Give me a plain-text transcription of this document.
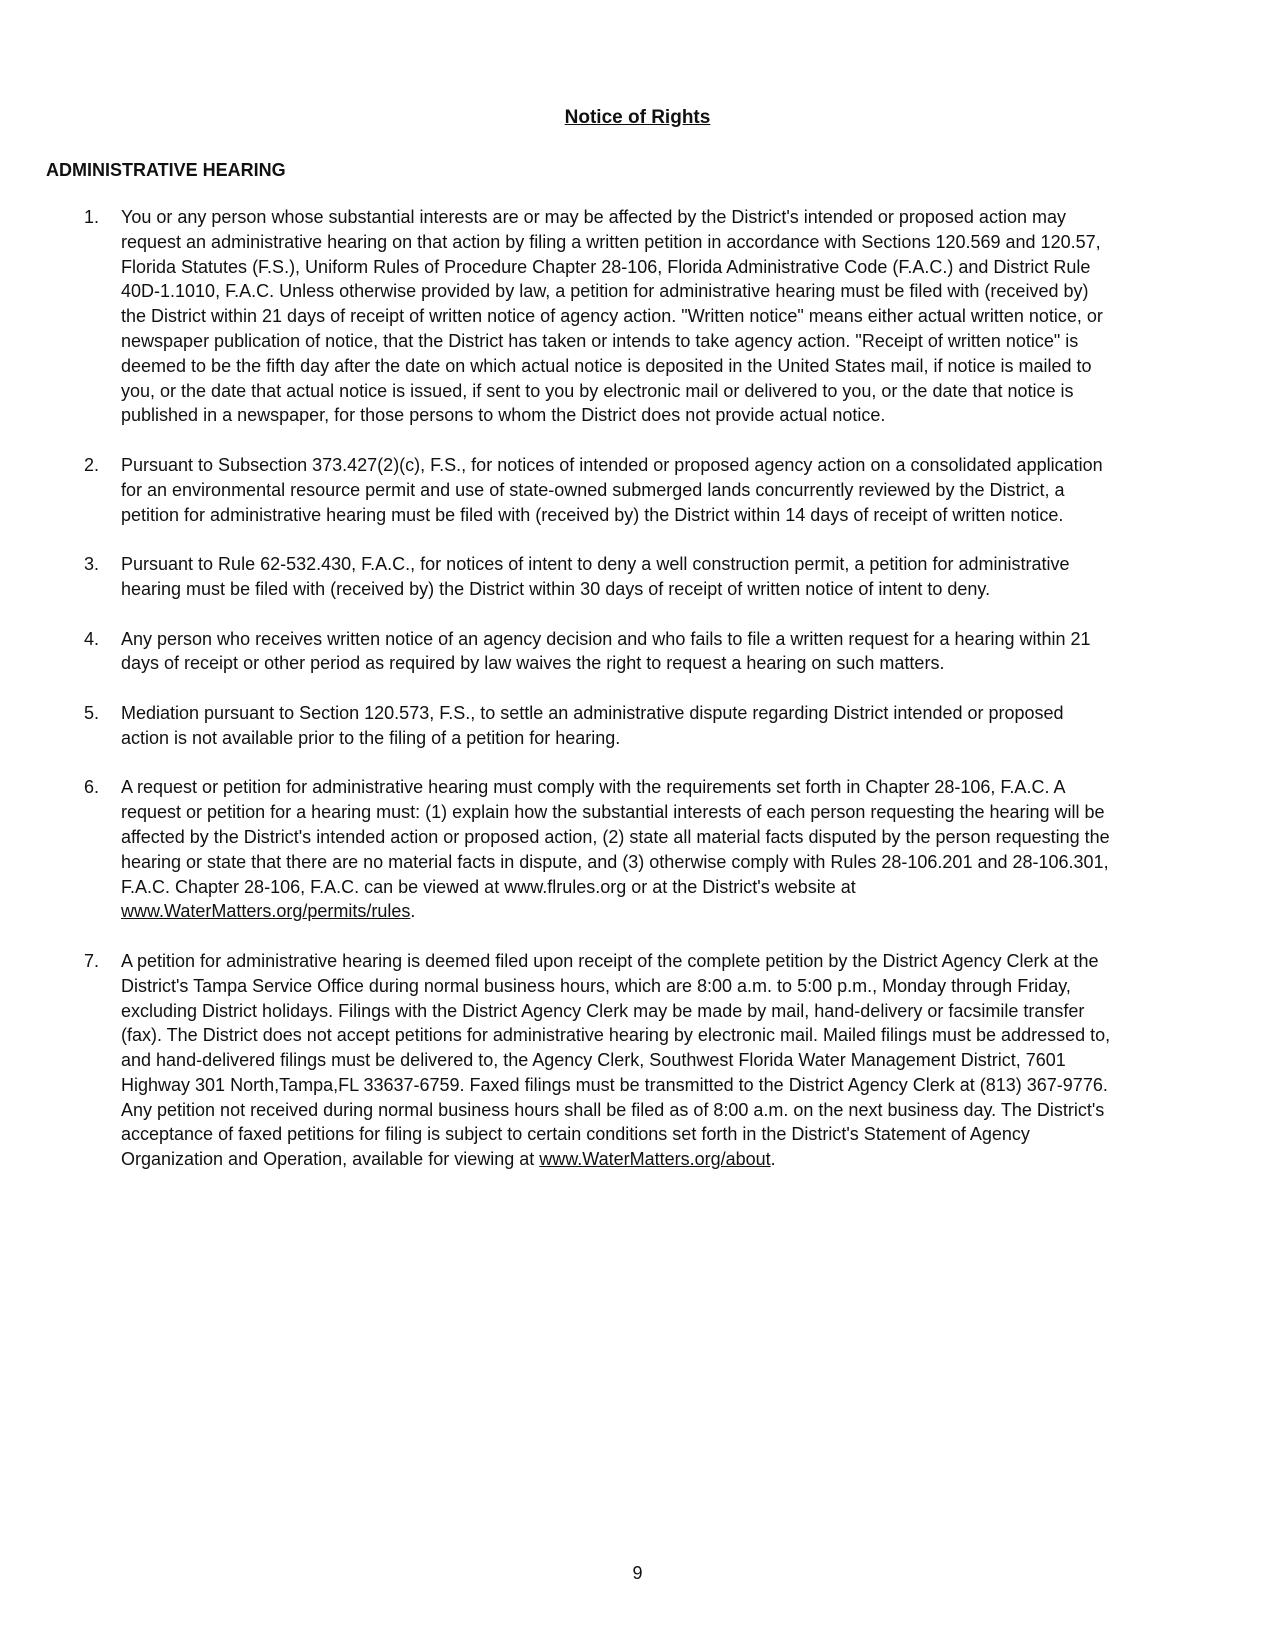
Notice of Rights
ADMINISTRATIVE HEARING
1. You or any person whose substantial interests are or may be affected by the District's intended or proposed action may request an administrative hearing on that action by filing a written petition in accordance with Sections 120.569 and 120.57, Florida Statutes (F.S.), Uniform Rules of Procedure Chapter 28-106, Florida Administrative Code (F.A.C.) and District Rule 40D-1.1010, F.A.C. Unless otherwise provided by law, a petition for administrative hearing must be filed with (received by) the District within 21 days of receipt of written notice of agency action. "Written notice" means either actual written notice, or newspaper publication of notice, that the District has taken or intends to take agency action. "Receipt of written notice" is deemed to be the fifth day after the date on which actual notice is deposited in the United States mail, if notice is mailed to you, or the date that actual notice is issued, if sent to you by electronic mail or delivered to you, or the date that notice is published in a newspaper, for those persons to whom the District does not provide actual notice.
2. Pursuant to Subsection 373.427(2)(c), F.S., for notices of intended or proposed agency action on a consolidated application for an environmental resource permit and use of state-owned submerged lands concurrently reviewed by the District, a petition for administrative hearing must be filed with (received by) the District within 14 days of receipt of written notice.
3. Pursuant to Rule 62-532.430, F.A.C., for notices of intent to deny a well construction permit, a petition for administrative hearing must be filed with (received by) the District within 30 days of receipt of written notice of intent to deny.
4. Any person who receives written notice of an agency decision and who fails to file a written request for a hearing within 21 days of receipt or other period as required by law waives the right to request a hearing on such matters.
5. Mediation pursuant to Section 120.573, F.S., to settle an administrative dispute regarding District intended or proposed action is not available prior to the filing of a petition for hearing.
6. A request or petition for administrative hearing must comply with the requirements set forth in Chapter 28-106, F.A.C. A request or petition for a hearing must: (1) explain how the substantial interests of each person requesting the hearing will be affected by the District's intended action or proposed action, (2) state all material facts disputed by the person requesting the hearing or state that there are no material facts in dispute, and (3) otherwise comply with Rules 28-106.201 and 28-106.301, F.A.C. Chapter 28-106, F.A.C. can be viewed at www.flrules.org or at the District's website at www.WaterMatters.org/permits/rules.
7. A petition for administrative hearing is deemed filed upon receipt of the complete petition by the District Agency Clerk at the District's Tampa Service Office during normal business hours, which are 8:00 a.m. to 5:00 p.m., Monday through Friday, excluding District holidays. Filings with the District Agency Clerk may be made by mail, hand-delivery or facsimile transfer (fax). The District does not accept petitions for administrative hearing by electronic mail. Mailed filings must be addressed to, and hand-delivered filings must be delivered to, the Agency Clerk, Southwest Florida Water Management District, 7601 Highway 301 North,Tampa,FL 33637-6759. Faxed filings must be transmitted to the District Agency Clerk at (813) 367-9776. Any petition not received during normal business hours shall be filed as of 8:00 a.m. on the next business day. The District's acceptance of faxed petitions for filing is subject to certain conditions set forth in the District's Statement of Agency Organization and Operation, available for viewing at www.WaterMatters.org/about.
9
